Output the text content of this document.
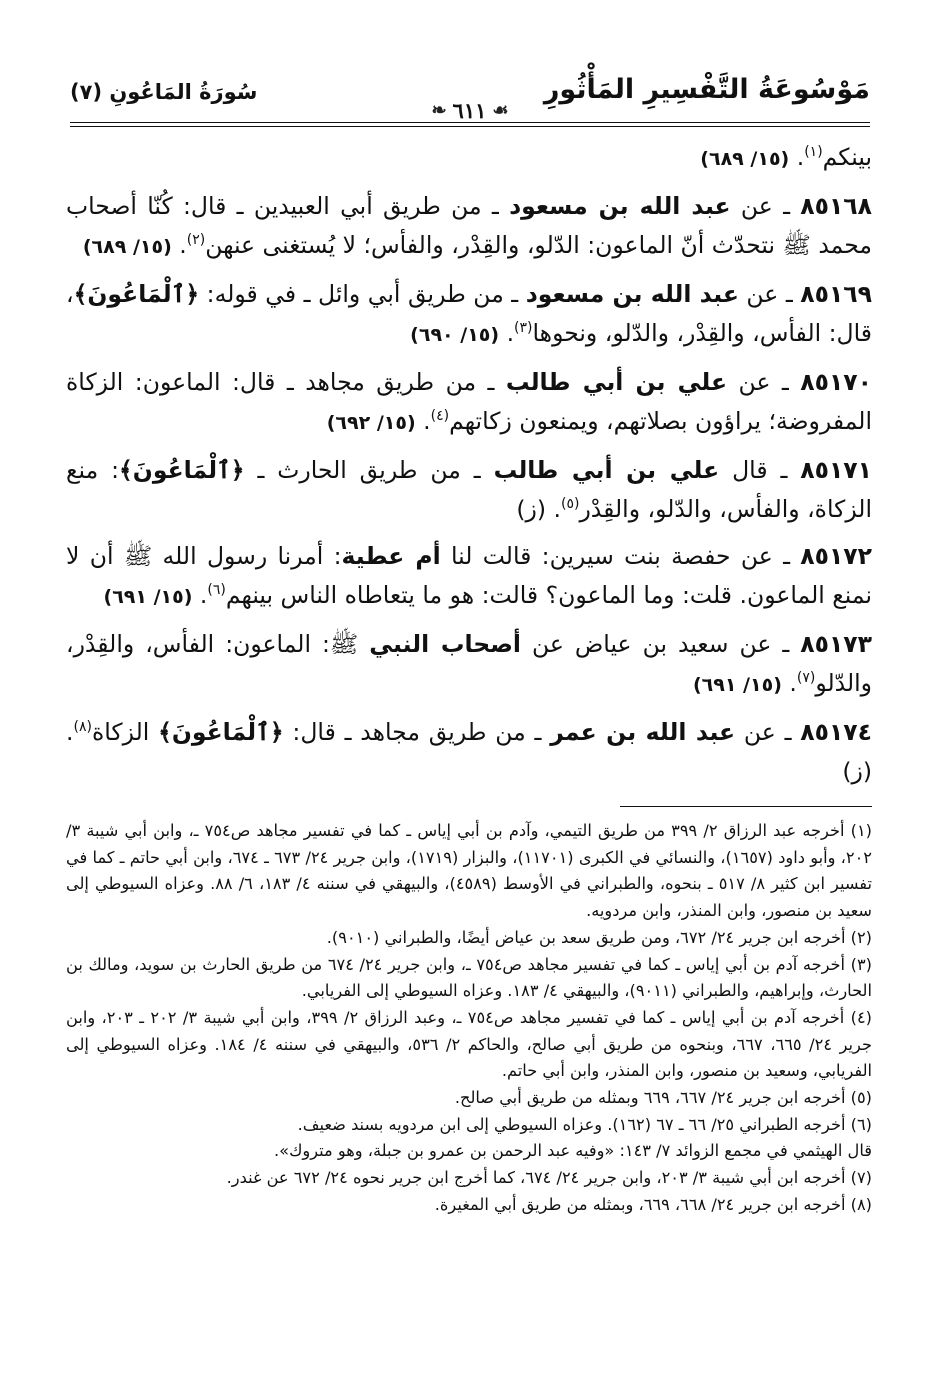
مَوْسُوعَةُ التَّفْسِيرِ المَأْثُورِ
❧ ٦١١ ☙
سُورَةُ المَاعُونِ (٧)

بينكم$^{(١)}$. (١٥/ ٦٨٩)

٨٥١٦٨ ـ عن عبد الله بن مسعود ـ من طريق أبي العبيدين ـ قال: كُنّا أصحاب محمد ﷺ نتحدّث أنّ الماعون: الدّلو، والقِدْر، والفأس؛ لا يُستغنى عنهن$^{(٢)}$. (١٥/ ٦٨٩)

٨٥١٦٩ ـ عن عبد الله بن مسعود ـ من طريق أبي وائل ـ في قوله: ﴿ٱلْمَاعُونَ﴾، قال: الفأس، والقِدْر، والدّلو، ونحوها$^{(٣)}$. (١٥/ ٦٩٠)

٨٥١٧٠ ـ عن علي بن أبي طالب ـ من طريق مجاهد ـ قال: الماعون: الزكاة المفروضة؛ يراؤون بصلاتهم، ويمنعون زكاتهم$^{(٤)}$. (١٥/ ٦٩٢)

٨٥١٧١ ـ قال علي بن أبي طالب ـ من طريق الحارث ـ ﴿ٱلْمَاعُونَ﴾: منع الزكاة، والفأس، والدّلو، والقِدْر$^{(٥)}$. (ز)

٨٥١٧٢ ـ عن حفصة بنت سيرين: قالت لنا أم عطية: أمرنا رسول الله ﷺ أن لا نمنع الماعون. قلت: وما الماعون؟ قالت: هو ما يتعاطاه الناس بينهم$^{(٦)}$. (١٥/ ٦٩١)

٨٥١٧٣ ـ عن سعيد بن عياض عن أصحاب النبي ﷺ: الماعون: الفأس، والقِدْر، والدّلو$^{(٧)}$. (١٥/ ٦٩١)

٨٥١٧٤ ـ عن عبد الله بن عمر ـ من طريق مجاهد ـ قال: ﴿ٱلْمَاعُونَ﴾ الزكاة$^{(٨)}$. (ز)

(١) أخرجه عبد الرزاق ٢/ ٣٩٩ من طريق التيمي، وآدم بن أبي إياس ـ كما في تفسير مجاهد ص٧٥٤ ـ، وابن أبي شيبة ٣/ ٢٠٢، وأبو داود (١٦٥٧)، والنسائي في الكبرى (١١٧٠١)، والبزار (١٧١٩)، وابن جرير ٢٤/ ٦٧٣ ـ ٦٧٤، وابن أبي حاتم ـ كما في تفسير ابن كثير ٨/ ٥١٧ ـ بنحوه، والطبراني في الأوسط (٤٥٨٩)، والبيهقي في سننه ٤/ ١٨٣، ٦/ ٨٨. وعزاه السيوطي إلى سعيد بن منصور، وابن المنذر، وابن مردويه.

(٢) أخرجه ابن جرير ٢٤/ ٦٧٢، ومن طريق سعد بن عياض أيضًا، والطبراني (٩٠١٠).

(٣) أخرجه آدم بن أبي إياس ـ كما في تفسير مجاهد ص٧٥٤ ـ، وابن جرير ٢٤/ ٦٧٤ من طريق الحارث بن سويد، ومالك بن الحارث، وإبراهيم، والطبراني (٩٠١١)، والبيهقي ٤/ ١٨٣. وعزاه السيوطي إلى الفريابي.

(٤) أخرجه آدم بن أبي إياس ـ كما في تفسير مجاهد ص٧٥٤ ـ، وعبد الرزاق ٢/ ٣٩٩، وابن أبي شيبة ٣/ ٢٠٢ ـ ٢٠٣، وابن جرير ٢٤/ ٦٦٥، ٦٦٧، وبنحوه من طريق أبي صالح، والحاكم ٢/ ٥٣٦، والبيهقي في سننه ٤/ ١٨٤. وعزاه السيوطي إلى الفريابي، وسعيد بن منصور، وابن المنذر، وابن أبي حاتم.

(٥) أخرجه ابن جرير ٢٤/ ٦٦٧، ٦٦٩ وبمثله من طريق أبي صالح.

(٦) أخرجه الطبراني ٢٥/ ٦٦ ـ ٦٧ (١٦٢). وعزاه السيوطي إلى ابن مردويه بسند ضعيف.

قال الهيثمي في مجمع الزوائد ٧/ ١٤٣: «وفيه عبد الرحمن بن عمرو بن جبلة، وهو متروك».

(٧) أخرجه ابن أبي شيبة ٣/ ٢٠٣، وابن جرير ٢٤/ ٦٧٤، كما أخرج ابن جرير نحوه ٢٤/ ٦٧٢ عن غندر.

(٨) أخرجه ابن جرير ٢٤/ ٦٦٨، ٦٦٩، وبمثله من طريق أبي المغيرة.
